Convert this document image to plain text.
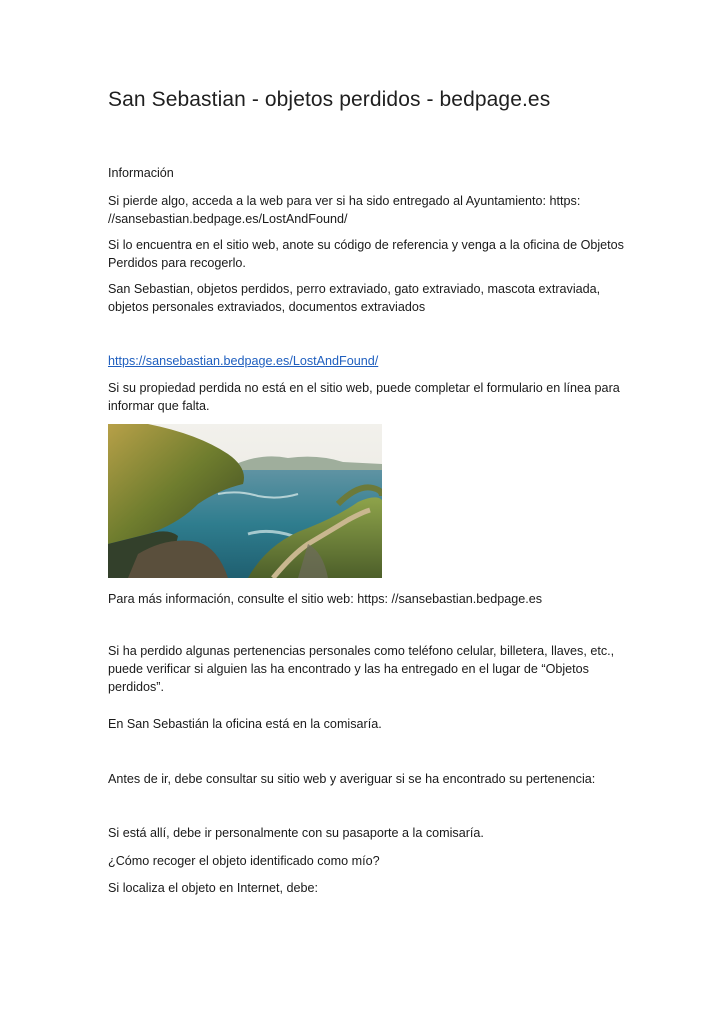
San Sebastian - objetos perdidos - bedpage.es

Información

Si pierde algo, acceda a la web para ver si ha sido entregado al Ayuntamiento: https: //sansebastian.bedpage.es/LostAndFound/

Si lo encuentra en el sitio web, anote su código de referencia y venga a la oficina de Objetos Perdidos para recogerlo.

San Sebastian, objetos perdidos, perro extraviado, gato extraviado, mascota extraviada, objetos personales extraviados, documentos extraviados

https://sansebastian.bedpage.es/LostAndFound/

Si su propiedad perdida no está en el sitio web, puede completar el formulario en línea para informar que falta.

Para más información, consulte el sitio web: https: //sansebastian.bedpage.es

Si ha perdido algunas pertenencias personales como teléfono celular, billetera, llaves, etc., puede verificar si alguien las ha encontrado y las ha entregado en el lugar de “Objetos perdidos”.

En San Sebastián la oficina está en la comisaría.

Antes de ir, debe consultar su sitio web y averiguar si se ha encontrado su pertenencia:

Si está allí, debe ir personalmente con su pasaporte a la comisaría.

¿Cómo recoger el objeto identificado como mío?

Si localiza el objeto en Internet, debe:
